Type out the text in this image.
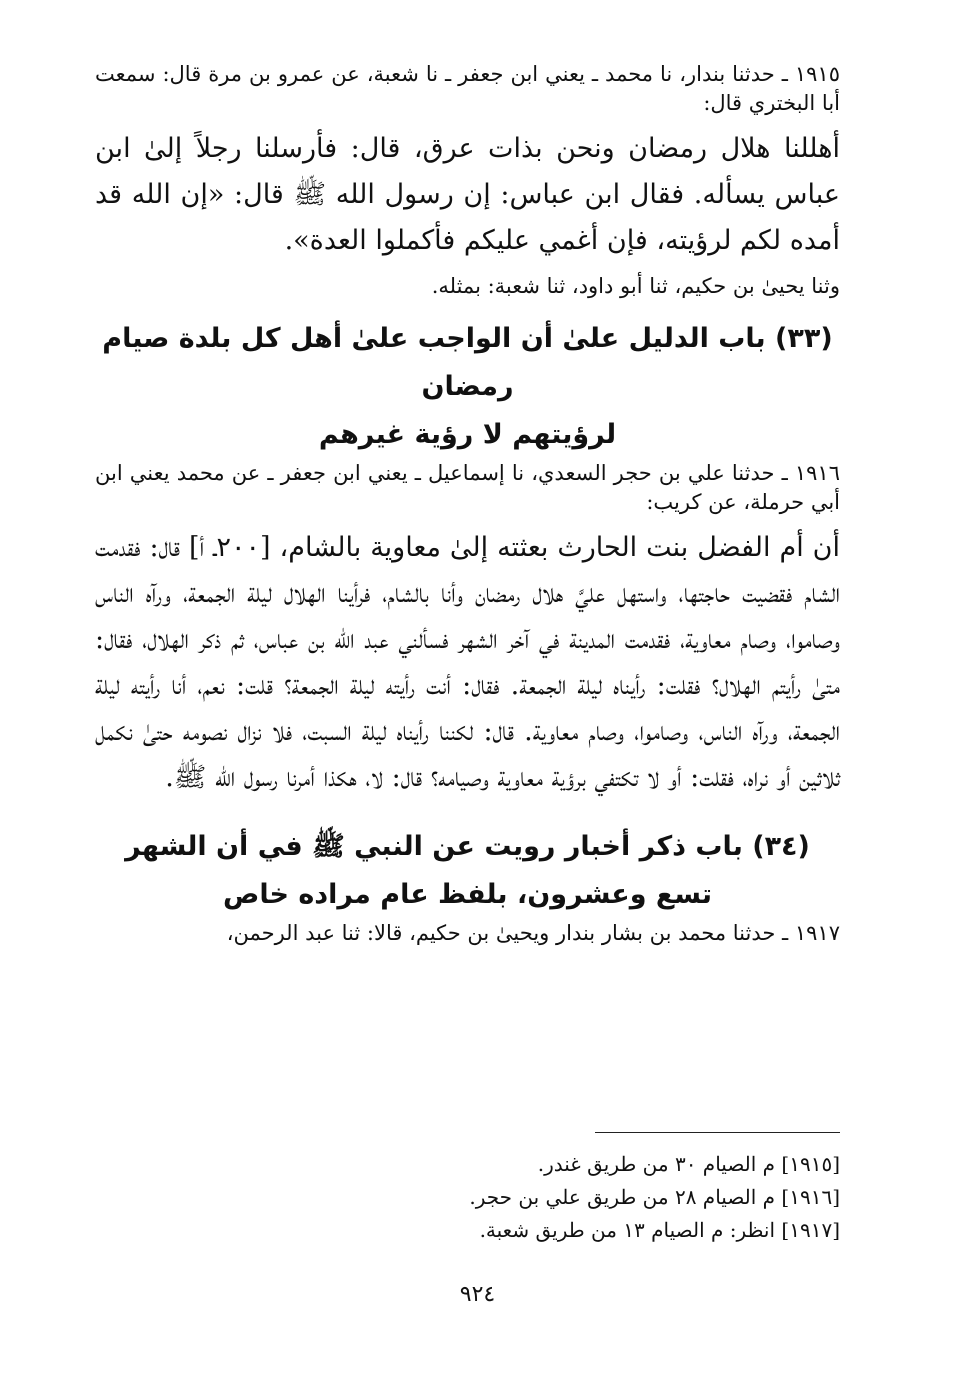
١٩١٥ ـ حدثنا بندار، نا محمد ـ يعني ابن جعفر ـ نا شعبة، عن عمرو بن مرة قال: سمعت أبا البختري قال:

أهللنا هلال رمضان ونحن بذات عرق، قال: فأرسلنا رجلاً إلىٰ ابن عباس يسأله. فقال ابن عباس: إن رسول الله ﷺ قال: «إن الله قد أمده لكم لرؤيته، فإن أغمي عليكم فأكملوا العدة».

وثنا يحيىٰ بن حكيم، ثنا أبو داود، ثنا شعبة: بمثله.

(٣٣) باب الدليل علىٰ أن الواجب علىٰ أهل كل بلدة صيام رمضان
لرؤيتهم لا رؤية غيرهم

١٩١٦ ـ حدثنا علي بن حجر السعدي، نا إسماعيل ـ يعني ابن جعفر ـ عن محمد يعني ابن أبي حرملة، عن كريب:

أن أم الفضل بنت الحارث بعثته إلىٰ معاوية بالشام، [٢٠٠ـ أ] قال: فقدمت الشام فقضيت حاجتها، واستهل عليَّ هلال رمضان وأنا بالشام، فرأينا الهلال ليلة الجمعة، ورآه الناس وصاموا، وصام معاوية، فقدمت المدينة في آخر الشهر فسألني عبد الله بن عباس، ثم ذكر الهلال، فقال: متىٰ رأيتم الهلال؟ فقلت: رأيناه ليلة الجمعة. فقال: أنت رأيته ليلة الجمعة؟ قلت: نعم، أنا رأيته ليلة الجمعة، ورآه الناس، وصاموا، وصام معاوية. قال: لكننا رأيناه ليلة السبت، فلا نزال نصومه حتىٰ نكمل ثلاثين أو نراه، فقلت: أو لا تكتفي برؤية معاوية وصيامه؟ قال: لا، هكذا أمرنا رسول الله ﷺ.

(٣٤) باب ذكر أخبار رويت عن النبي ﷺ في أن الشهر
تسع وعشرون، بلفظ عام مراده خاص

١٩١٧ ـ حدثنا محمد بن بشار بندار ويحيىٰ بن حكيم، قالا: ثنا عبد الرحمن،

[١٩١٥] م الصيام ٣٠ من طريق غندر.
[١٩١٦] م الصيام ٢٨ من طريق علي بن حجر.
[١٩١٧] انظر: م الصيام ١٣ من طريق شعبة.
٩٢٤
